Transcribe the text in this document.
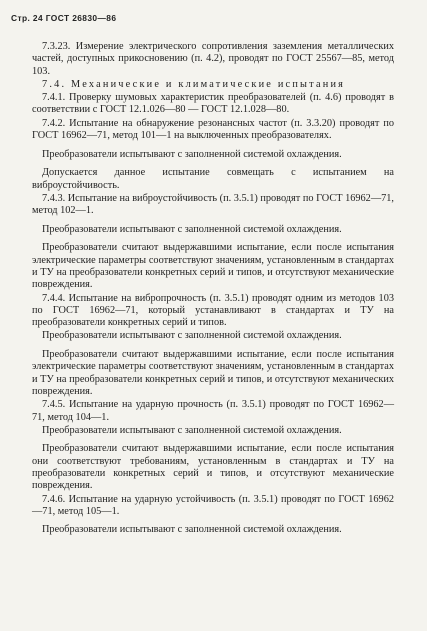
Стр. 24 ГОСТ 26830—86

7.3.23. Измерение электрического сопротивления заземления металлических частей, доступных прикосновению (п. 4.2), проводят по ГОСТ 25567—85, метод 103.

7.4. Механические и климатические испытания

7.4.1. Проверку шумовых характеристик преобразователей (п. 4.6) проводят в соответствии с ГОСТ 12.1.026—80 — ГОСТ 12.1.028—80.

7.4.2. Испытание на обнаружение резонансных частот (п. 3.3.20) проводят по ГОСТ 16962—71, метод 101—1 на выключенных преобразователях.

Преобразователи испытывают с заполненной системой охлаждения.

Допускается данное испытание совмещать с испытанием на виброустойчивость.

7.4.3. Испытание на виброустойчивость (п. 3.5.1) проводят по ГОСТ 16962—71, метод 102—1.

Преобразователи испытывают с заполненной системой охлаждения.

Преобразователи считают выдержавшими испытание, если после испытания электрические параметры соответствуют значениям, установленным в стандартах и ТУ на преобразователи конкретных серий и типов, и отсутствуют механические повреждения.

7.4.4. Испытание на вибропрочность (п. 3.5.1) проводят одним из методов 103 по ГОСТ 16962—71, который устанавливают в стандартах и ТУ на преобразователи конкретных серий и типов.

Преобразователи испытывают с заполненной системой охлаждения.

Преобразователи считают выдержавшими испытание, если после испытания электрические параметры соответствуют значениям, установленным в стандартах и ТУ на преобразователи конкретных серий и типов, и отсутствуют механических повреждения.

7.4.5. Испытание на ударную прочность (п. 3.5.1) проводят по ГОСТ 16962—71, метод 104—1.

Преобразователи испытывают с заполненной системой охлаждения.

Преобразователи считают выдержавшими испытание, если после испытания они соответствуют требованиям, установленным в стандартах и ТУ на преобразователи конкретных серий и типов, и отсутствуют механические повреждения.

7.4.6. Испытание на ударную устойчивость (п. 3.5.1) проводят по ГОСТ 16962—71, метод 105—1.

Преобразователи испытывают с заполненной системой охлаждения.
